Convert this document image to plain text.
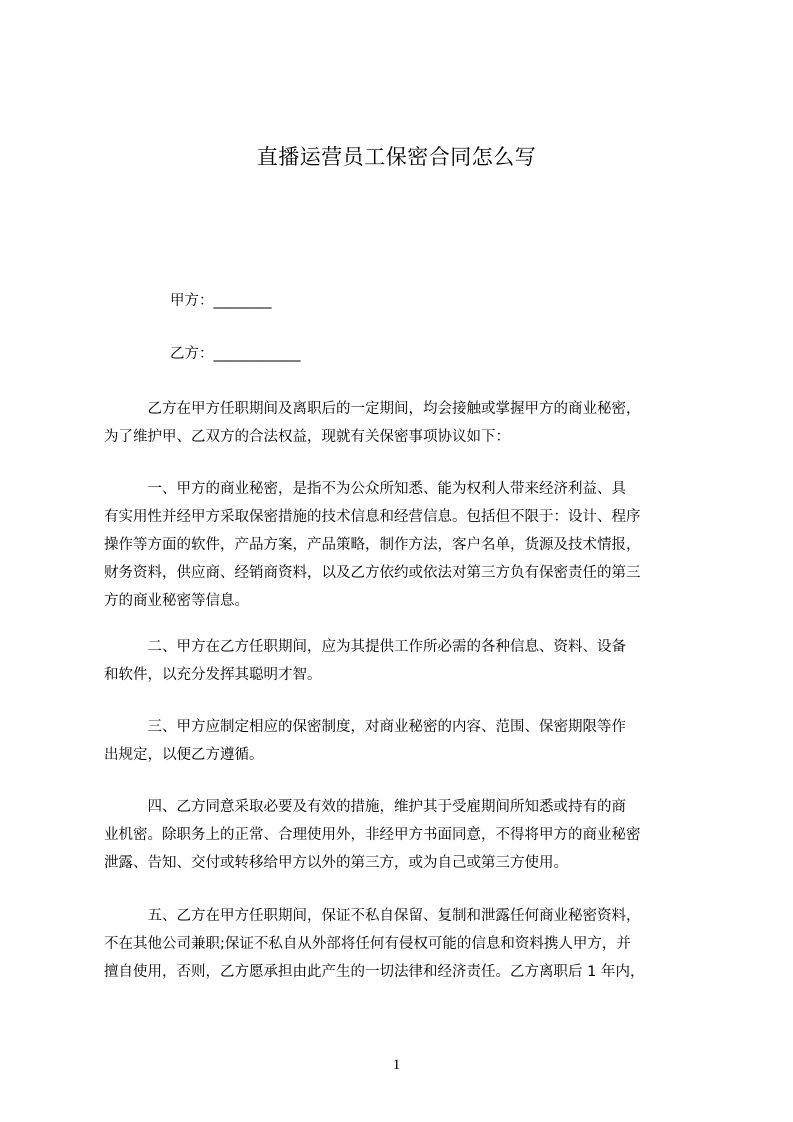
直播运营员工保密合同怎么写
甲方：________
乙方：____________

　　　乙方在甲方任职期间及离职后的一定期间，均会接触或掌握甲方的商业秘密，
为了维护甲、乙双方的合法权益，现就有关保密事项协议如下：

　　　一、甲方的商业秘密，是指不为公众所知悉、能为权利人带来经济利益、具
有实用性并经甲方采取保密措施的技术信息和经营信息。包括但不限于：设计、程序
操作等方面的软件，产品方案，产品策略，制作方法，客户名单，货源及技术情报，
财务资料，供应商、经销商资料，以及乙方依约或依法对第三方负有保密责任的第三
方的商业秘密等信息。

　　　二、甲方在乙方任职期间，应为其提供工作所必需的各种信息、资料、设备
和软件，以充分发挥其聪明才智。

　　　三、甲方应制定相应的保密制度，对商业秘密的内容、范围、保密期限等作
出规定，以便乙方遵循。

　　　四、乙方同意采取必要及有效的措施，维护其于受雇期间所知悉或持有的商
业机密。除职务上的正常、合理使用外，非经甲方书面同意，不得将甲方的商业秘密
泄露、告知、交付或转移给甲方以外的第三方，或为自己或第三方使用。

　　　五、乙方在甲方任职期间，保证不私自保留、复制和泄露任何商业秘密资料，
不在其他公司兼职;保证不私自从外部将任何有侵权可能的信息和资料携人甲方，并
擅自使用，否则，乙方愿承担由此产生的一切法律和经济责任。乙方离职后 1 年内，

1
